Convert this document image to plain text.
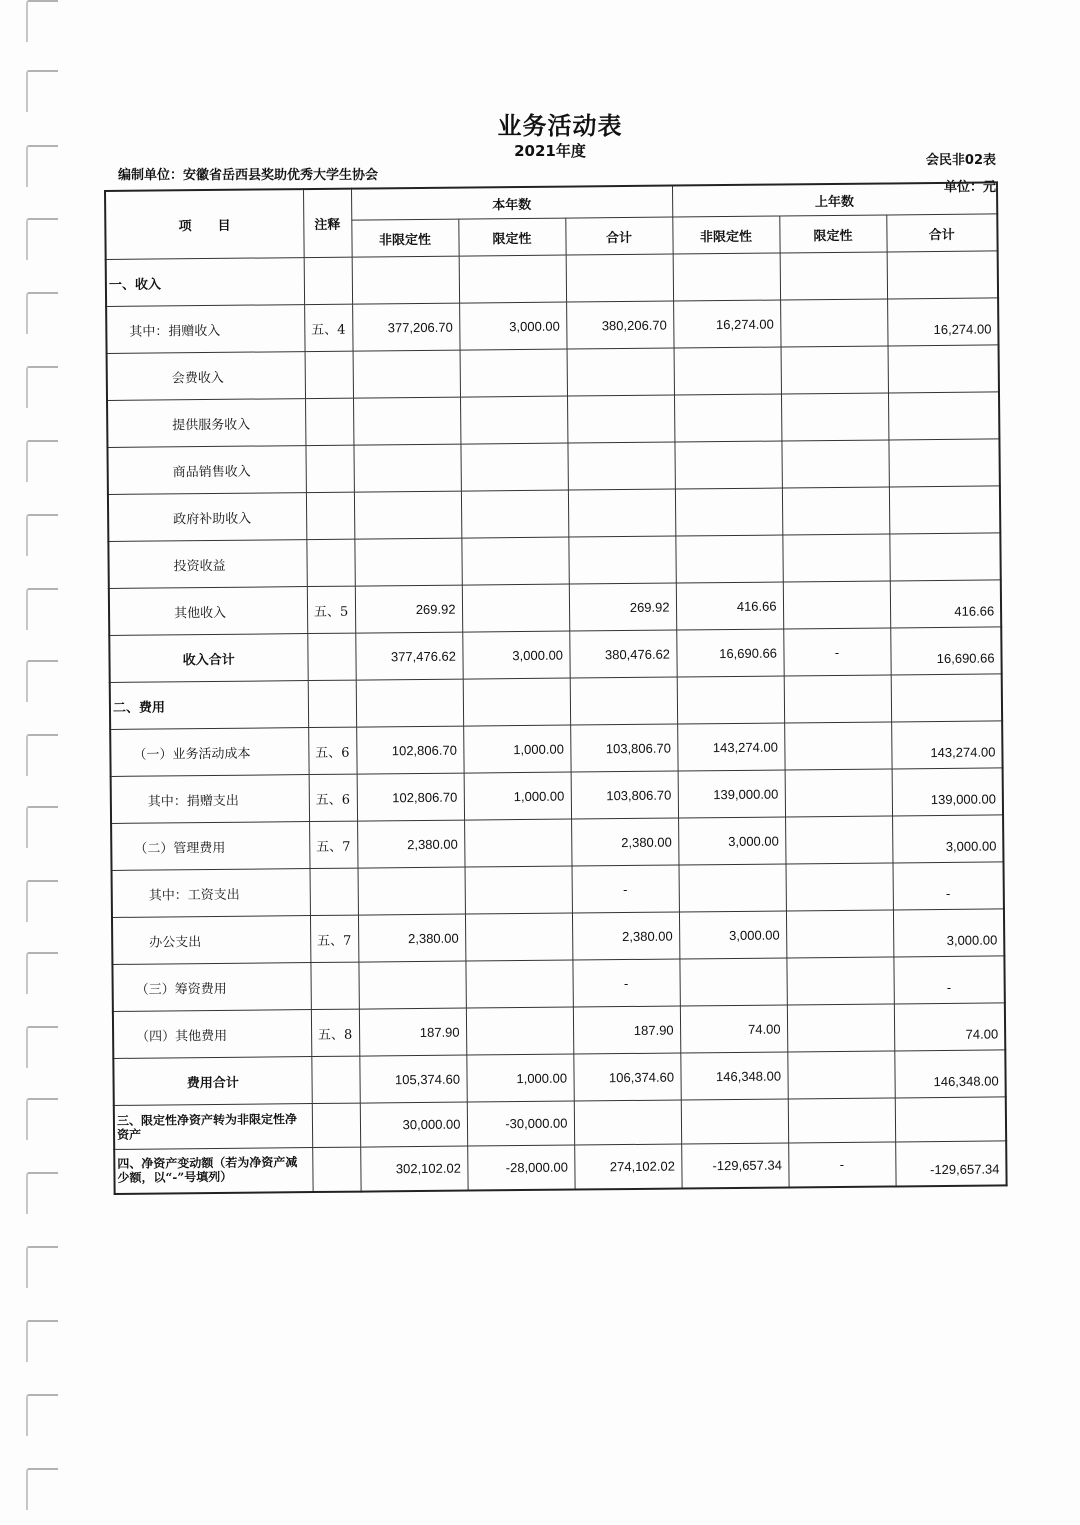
业务活动表
2021年度
会民非02表
编制单位：安徽省岳西县奖助优秀大学生协会
单位：元
项　　目	注释	本年数			上年数		
		非限定性	限定性	合计	非限定性	限定性	合计
一、收入							
其中：捐赠收入	五、4	377,206.70	3,000.00	380,206.70	16,274.00		16,274.00
会费收入							
提供服务收入							
商品销售收入							
政府补助收入							
投资收益							
其他收入	五、5	269.92		269.92	416.66		416.66
收入合计		377,476.62	3,000.00	380,476.62	16,690.66	-	16,690.66
二、费用							
（一）业务活动成本	五、6	102,806.70	1,000.00	103,806.70	143,274.00		143,274.00
其中：捐赠支出	五、6	102,806.70	1,000.00	103,806.70	139,000.00		139,000.00
（二）管理费用	五、7	2,380.00		2,380.00	3,000.00		3,000.00
其中：工资支出				-			-
办公支出	五、7	2,380.00		2,380.00	3,000.00		3,000.00
（三）筹资费用				-			-
（四）其他费用	五、8	187.90		187.90	74.00		74.00
费用合计		105,374.60	1,000.00	106,374.60	146,348.00		146,348.00
三、限定性净资产转为非限定性净资产		30,000.00	-30,000.00				
四、净资产变动额（若为净资产减少额，以“-”号填列）		302,102.02	-28,000.00	274,102.02	-129,657.34	-	-129,657.34
